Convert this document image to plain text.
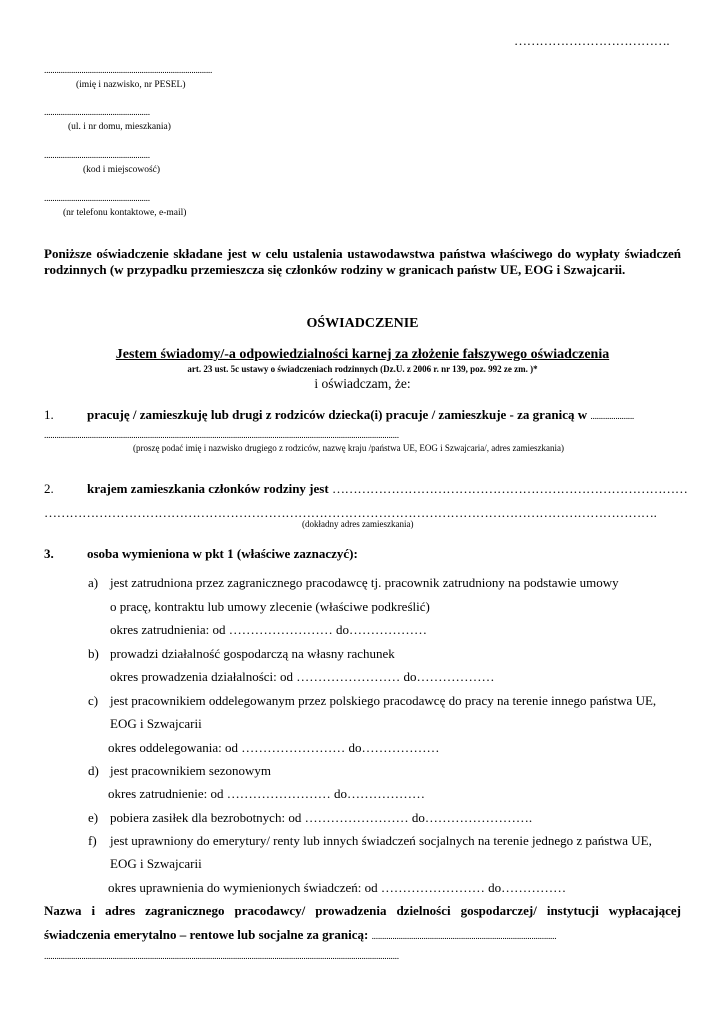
……………………………….
.................................................................................
(imię i nazwisko, nr PESEL)
...................................................
(ul. i nr domu, mieszkania)
...................................................
(kod i miejscowość)
...................................................
(nr telefonu kontaktowe, e-mail)
Poniższe oświadczenie składane jest w celu ustalenia ustawodawstwa państwa właściwego do wypłaty świadczeń rodzinnych (w przypadku przemieszcza się członków rodziny w granicach państw UE, EOG i Szwajcarii.
OŚWIADCZENIE
Jestem świadomy/-a odpowiedzialności karnej za złożenie fałszywego oświadczenia
art. 23 ust. 5c ustawy o świadczeniach rodzinnych (Dz.U. z 2006 r. nr 139, poz. 992 ze zm. )*
i oświadczam, że:
1.	pracuję / zamieszkuję lub drugi z rodziców dziecka(i) pracuje / zamieszkuje - za granicą w .....................
...........................................................................................................................................................................
(proszę podać imię i nazwisko drugiego z rodziców, nazwę kraju /państwa UE, EOG i Szwajcaria/, adres zamieszkania)
2.	krajem zamieszkania członków rodziny jest …………………………………………………………………………
……………………………………………………………………………………………………………………………….
(dokładny adres zamieszkania)
3.	osoba wymieniona w pkt 1 (właściwe zaznaczyć):
a) jest zatrudniona przez zagranicznego pracodawcę tj. pracownik zatrudniony na podstawie umowy
o pracę, kontraktu lub umowy zlecenie (właściwe podkreślić)
okres zatrudnienia: od …………………… do………………
b) prowadzi działalność gospodarczą na własny rachunek
okres prowadzenia działalności: od …………………… do………………
c) jest pracownikiem oddelegowanym przez polskiego pracodawcę do pracy na terenie innego państwa UE,
EOG i Szwajcarii
okres oddelegowania: od …………………… do………………
d) jest pracownikiem sezonowym
okres zatrudnienie: od …………………… do………………
e) pobiera zasiłek dla bezrobotnych: od …………………… do…………………….
f) jest uprawniony do emerytury/ renty lub innych świadczeń socjalnych na terenie jednego z państwa UE,
EOG i Szwajcarii
okres uprawnienia do wymienionych świadczeń: od …………………… do……………
Nazwa i adres zagranicznego pracodawcy/ prowadzenia dzielności gospodarczej/ instytucji wypłacającej
świadczenia emerytalno – rentowe lub socjalne za granicą: .........................................................................................
...........................................................................................................................................................................
